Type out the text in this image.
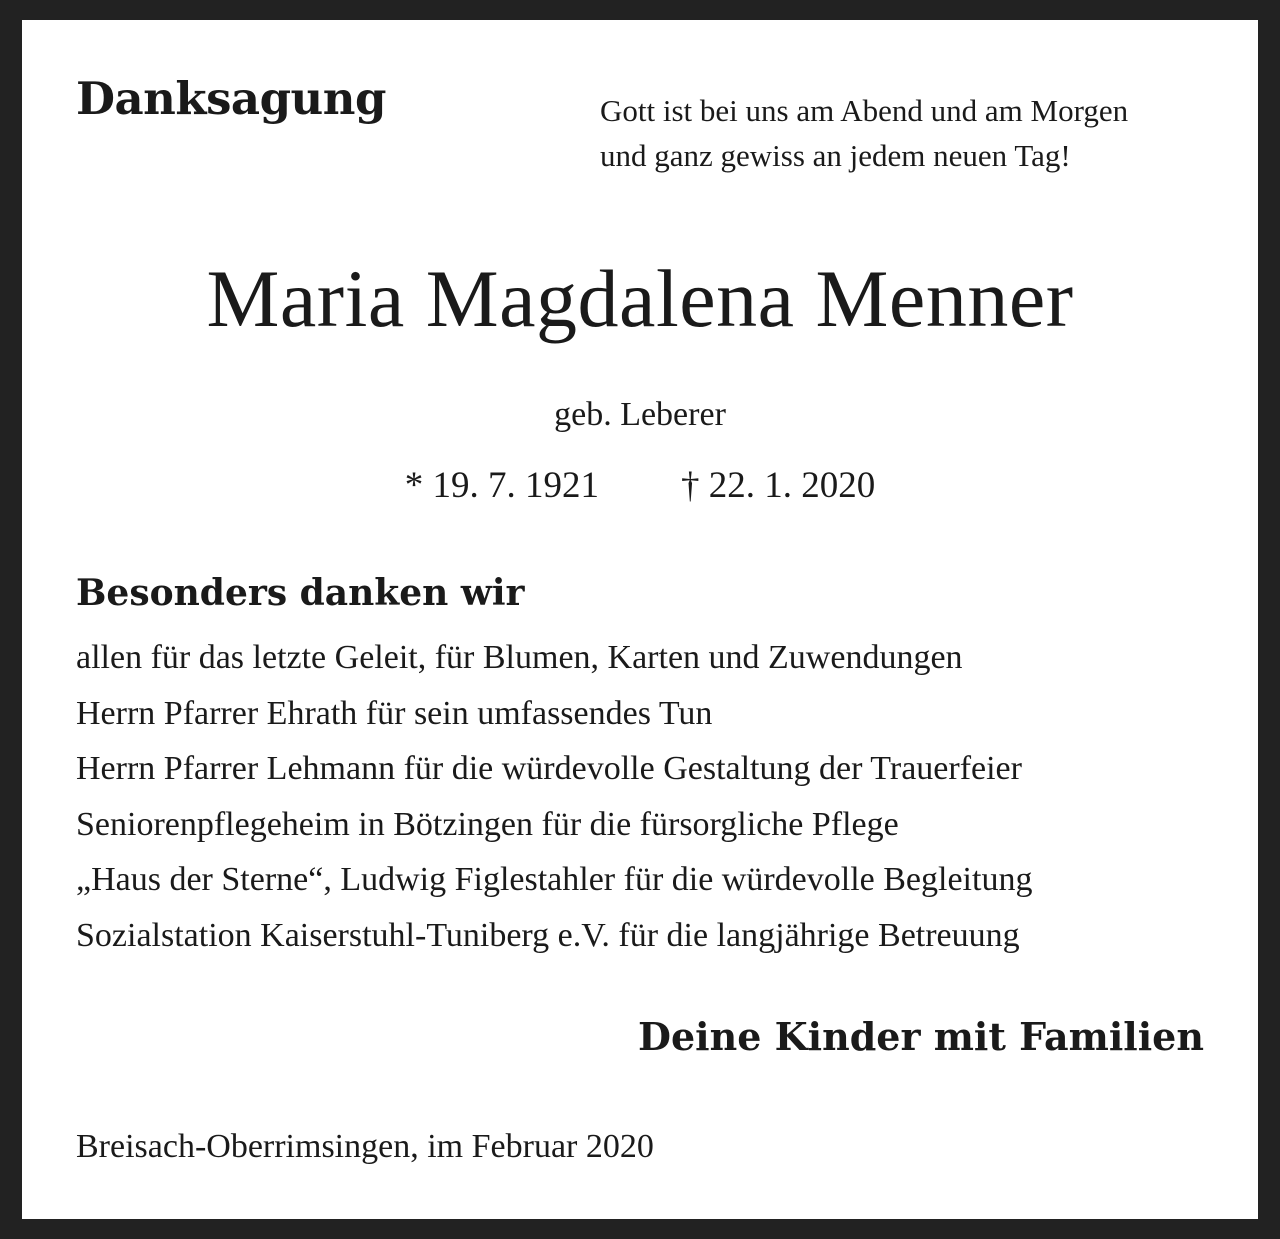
Danksagung	Gott ist bei uns am Abend und am Morgen
und ganz gewiss an jedem neuen Tag!
Maria Magdalena Menner
geb. Leberer
* 19. 7. 1921 † 22. 1. 2020
Besonders danken wir
allen für das letzte Geleit, für Blumen, Karten und Zuwendungen
Herrn Pfarrer Ehrath für sein umfassendes Tun
Herrn Pfarrer Lehmann für die würdevolle Gestaltung der Trauerfeier
Seniorenpflegeheim in Bötzingen für die fürsorgliche Pflege
„Haus der Sterne“, Ludwig Figlestahler für die würdevolle Begleitung
Sozialstation Kaiserstuhl-Tuniberg e.V. für die langjährige Betreuung
Deine Kinder mit Familien
Breisach-Oberrimsingen, im Februar 2020
